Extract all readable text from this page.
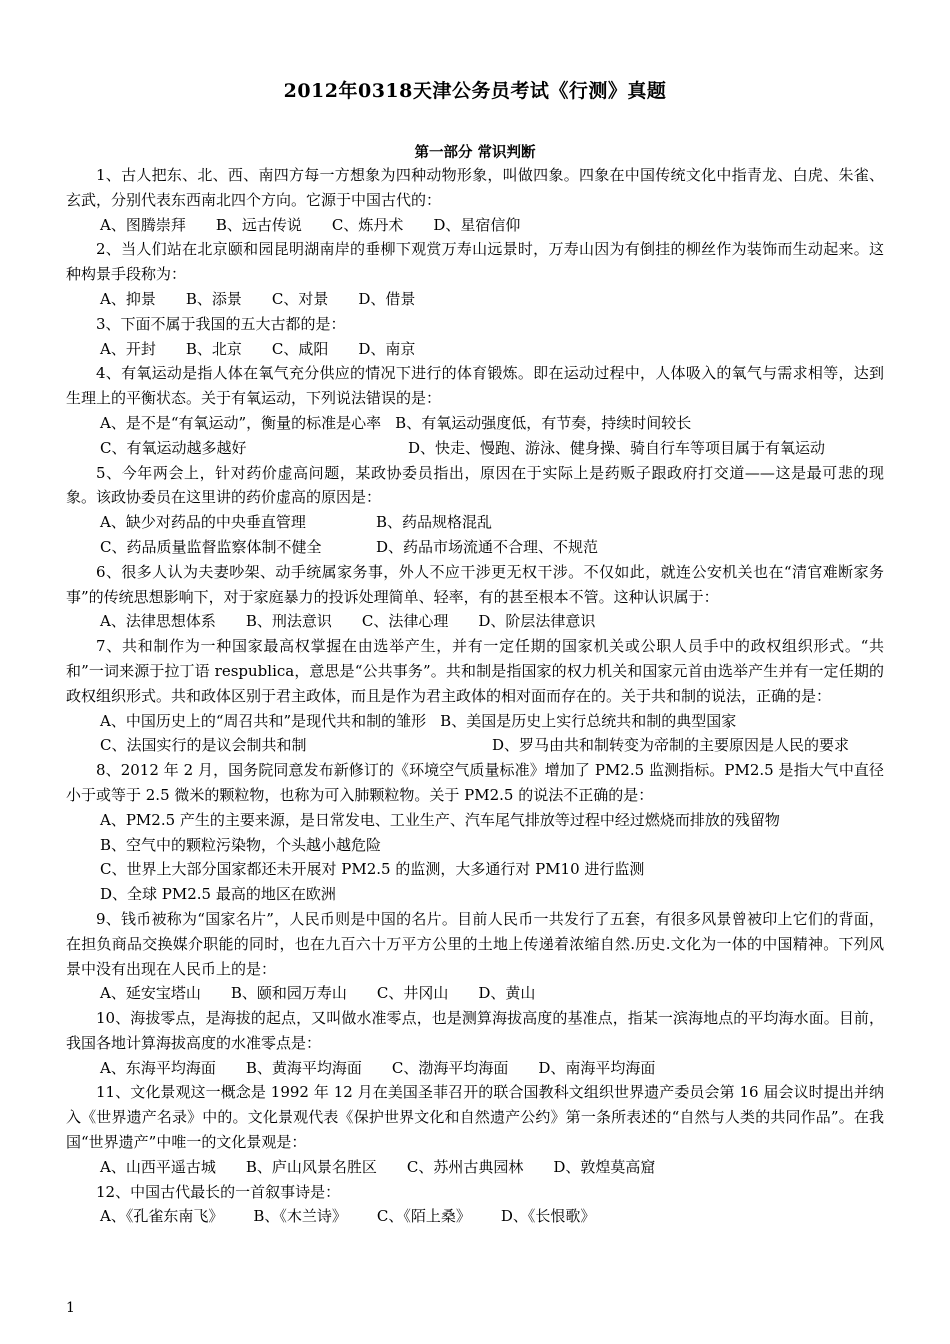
2012年0318天津公务员考试《行测》真题
第一部分 常识判断

1、古人把东、北、西、南四方每一方想象为四种动物形象，叫做四象。四象在中国传统文化中指青龙、白虎、朱雀、玄武，分别代表东西南北四个方向。它源于中国古代的：

A、图腾崇拜 B、远古传说 C、炼丹术 D、星宿信仰

2、当人们站在北京颐和园昆明湖南岸的垂柳下观赏万寿山远景时，万寿山因为有倒挂的柳丝作为装饰而生动起来。这种构景手段称为：

A、抑景 B、添景 C、对景 D、借景

3、下面不属于我国的五大古都的是：

A、开封 B、北京 C、咸阳 D、南京

4、有氧运动是指人体在氧气充分供应的情况下进行的体育锻炼。即在运动过程中，人体吸入的氧气与需求相等，达到生理上的平衡状态。关于有氧运动，下列说法错误的是：

A、是不是“有氧运动”，衡量的标准是心率 B、有氧运动强度低，有节奏，持续时间较长
C、有氧运动越多越好	D、快走、慢跑、游泳、健身操、骑自行车等项目属于有氧运动

5、今年两会上，针对药价虚高问题，某政协委员指出，原因在于实际上是药贩子跟政府打交道——这是最可悲的现象。该政协委员在这里讲的药价虚高的原因是：

A、缺少对药品的中央垂直管理	B、药品规格混乱
C、药品质量监督监察体制不健全	D、药品市场流通不合理、不规范

6、很多人认为夫妻吵架、动手统属家务事，外人不应干涉更无权干涉。不仅如此，就连公安机关也在“清官难断家务事”的传统思想影响下，对于家庭暴力的投诉处理简单、轻率，有的甚至根本不管。这种认识属于：

A、法律思想体系 B、刑法意识 C、法律心理 D、阶层法律意识

7、共和制作为一种国家最高权掌握在由选举产生，并有一定任期的国家机关或公职人员手中的政权组织形式。“共和”一词来源于拉丁语 respublica，意思是“公共事务”。共和制是指国家的权力机关和国家元首由选举产生并有一定任期的政权组织形式。共和政体区别于君主政体，而且是作为君主政体的相对面而存在的。关于共和制的说法，正确的是：

A、中国历史上的“周召共和”是现代共和制的雏形 B、美国是历史上实行总统共和制的典型国家
C、法国实行的是议会制共和制	D、罗马由共和制转变为帝制的主要原因是人民的要求

8、2012 年 2 月，国务院同意发布新修订的《环境空气质量标准》增加了 PM2.5 监测指标。PM2.5 是指大气中直径小于或等于 2.5 微米的颗粒物，也称为可入肺颗粒物。关于 PM2.5 的说法不正确的是：

A、PM2.5 产生的主要来源，是日常发电、工业生产、汽车尾气排放等过程中经过燃烧而排放的残留物
B、空气中的颗粒污染物，个头越小越危险
C、世界上大部分国家都还未开展对 PM2.5 的监测，大多通行对 PM10 进行监测
D、全球 PM2.5 最高的地区在欧洲

9、钱币被称为“国家名片”，人民币则是中国的名片。目前人民币一共发行了五套，有很多风景曾被印上它们的背面，在担负商品交换媒介职能的同时，也在九百六十万平方公里的土地上传递着浓缩自然.历史.文化为一体的中国精神。下列风景中没有出现在人民币上的是：

A、延安宝塔山 B、颐和园万寿山 C、井冈山 D、黄山

10、海拔零点，是海拔的起点，又叫做水准零点，也是测算海拔高度的基准点，指某一滨海地点的平均海水面。目前，我国各地计算海拔高度的水准零点是：

A、东海平均海面 B、黄海平均海面 C、渤海平均海面 D、南海平均海面

11、文化景观这一概念是 1992 年 12 月在美国圣菲召开的联合国教科文组织世界遗产委员会第 16 届会议时提出并纳入《世界遗产名录》中的。文化景观代表《保护世界文化和自然遗产公约》第一条所表述的“自然与人类的共同作品”。在我国“世界遗产”中唯一的文化景观是：

A、山西平遥古城 B、庐山风景名胜区 C、苏州古典园林 D、敦煌莫高窟

12、中国古代最长的一首叙事诗是：

A、《孔雀东南飞》 B、《木兰诗》 C、《陌上桑》 D、《长恨歌》
1
